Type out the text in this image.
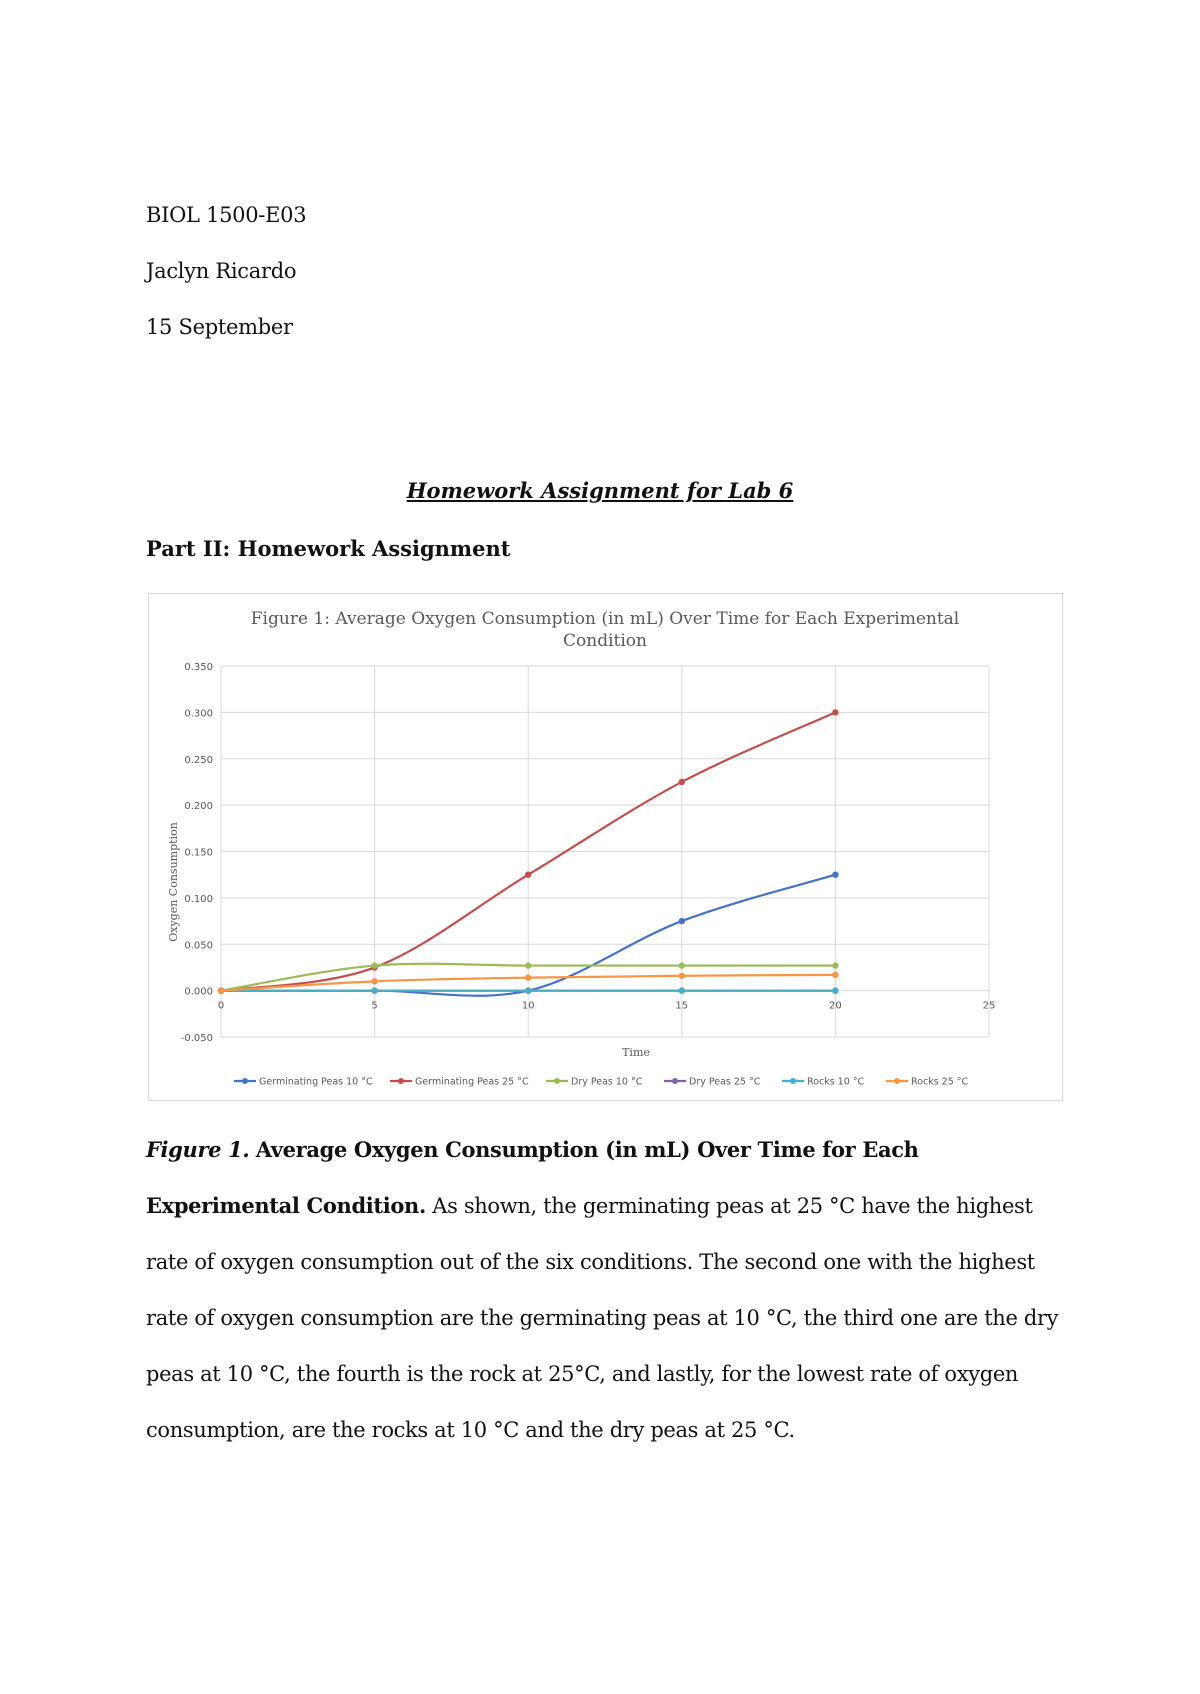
BIOL 1500-E03
Jaclyn Ricardo
15 September
Homework Assignment for Lab 6
Part II: Homework Assignment
Figure 1: Average Oxygen Consumption (in mL) Over Time for Each Experimental
Condition
-0.050
0.000
0.050
0.100
0.150
0.200
0.250
0.300
0.350
0	5	10	15	20	25
Time
Oxygen Consumption
Germinating Peas 10 °C	Germinating Peas 25 °C	Dry Peas 10 °C	Dry Peas 25 °C	Rocks 10 °C	Rocks 25 °C
Figure 1. Average Oxygen Consumption (in mL) Over Time for Each Experimental Condition. As shown, the germinating peas at 25 °C have the highest rate of oxygen consumption out of the six conditions. The second one with the highest rate of oxygen consumption are the germinating peas at 10 °C, the third one are the dry peas at 10 °C, the fourth is the rock at 25°C, and lastly, for the lowest rate of oxygen consumption, are the rocks at 10 °C and the dry peas at 25 °C.
